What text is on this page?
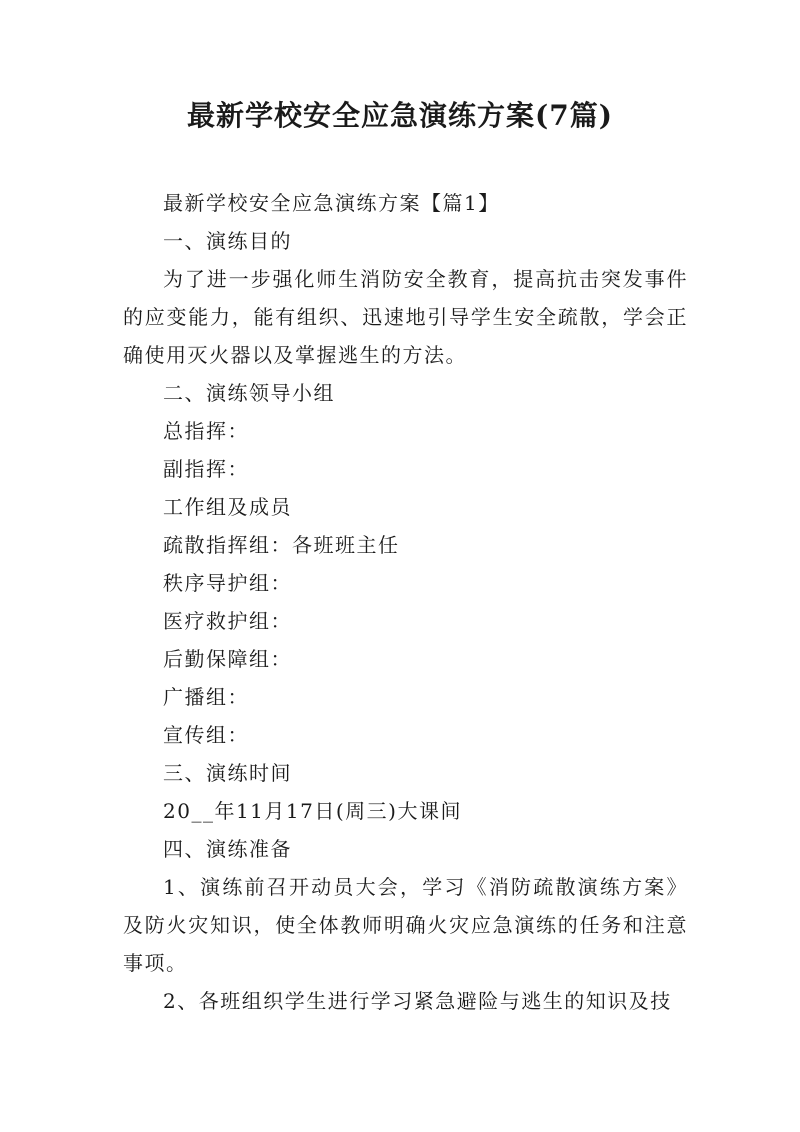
最新学校安全应急演练方案(7篇)

最新学校安全应急演练方案【篇1】

一、演练目的

为了进一步强化师生消防安全教育，提高抗击突发事件的应变能力，能有组织、迅速地引导学生安全疏散，学会正确使用灭火器以及掌握逃生的方法。

二、演练领导小组

总指挥：

副指挥：

工作组及成员

疏散指挥组：各班班主任

秩序导护组：

医疗救护组：

后勤保障组：

广播组：

宣传组：

三、演练时间

20__年11月17日(周三)大课间

四、演练准备

1、演练前召开动员大会，学习《消防疏散演练方案》及防火灾知识，使全体教师明确火灾应急演练的任务和注意事项。

2、各班组织学生进行学习紧急避险与逃生的知识及技
